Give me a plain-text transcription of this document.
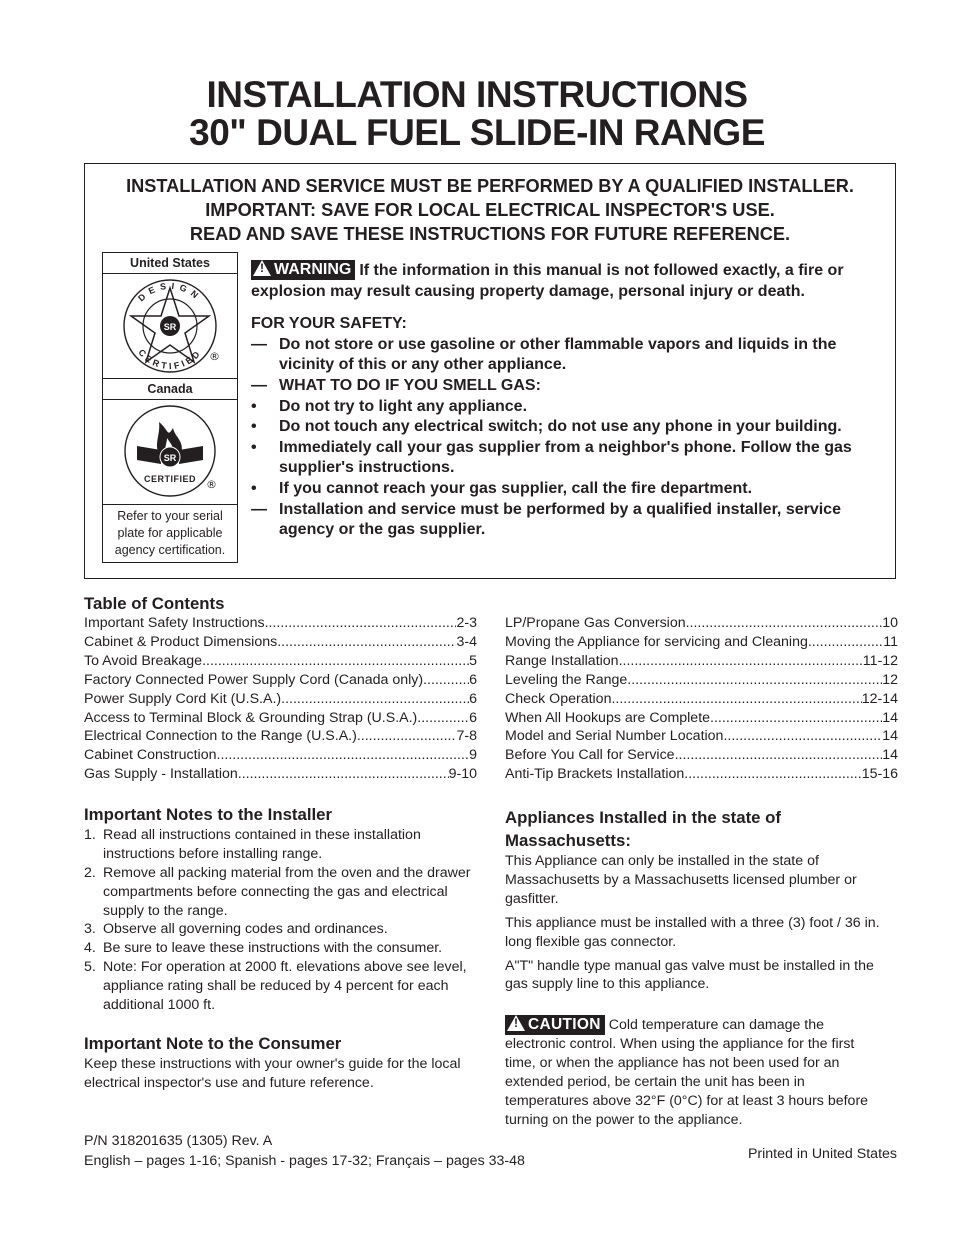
INSTALLATION INSTRUCTIONS
30" DUAL FUEL SLIDE-IN RANGE
INSTALLATION AND SERVICE MUST BE PERFORMED BY A QUALIFIED INSTALLER.
IMPORTANT: SAVE FOR LOCAL ELECTRICAL INSPECTOR'S USE.
READ AND SAVE THESE INSTRUCTIONS FOR FUTURE REFERENCE.
United States
SR
DESIGN
CERTIFIED ®
Canada
SR
CERTIFIED ®
Refer to your serial plate for applicable agency certification.
!WARNING If the information in this manual is not followed exactly, a fire or explosion may result causing property damage, personal injury or death.
FOR YOUR SAFETY:
— Do not store or use gasoline or other flammable vapors and liquids in the vicinity of this or any other appliance.
— WHAT TO DO IF YOU SMELL GAS:
•	Do not try to light any appliance.
•	Do not touch any electrical switch; do not use any phone in your building.
•	Immediately call your gas supplier from a neighbor's phone. Follow the gas supplier's instructions.
•	If you cannot reach your gas supplier, call the fire department.
— Installation and service must be performed by a qualified installer, service agency or the gas supplier.
Table of Contents
Important Safety Instructions .....	2-3
Cabinet & Product Dimensions .....	3-4
To Avoid Breakage .....	5
Factory Connected Power Supply Cord (Canada only) .....	6
Power Supply Cord Kit (U.S.A.) .....	6
Access to Terminal Block & Grounding Strap (U.S.A.) .....	6
Electrical Connection to the Range (U.S.A.) .....	7-8
Cabinet Construction .....	9
Gas Supply - Installation .....	9-10
LP/Propane Gas Conversion .....	10
Moving the Appliance for servicing and Cleaning .....	11
Range Installation .....	11-12
Leveling the Range .....	12
Check Operation .....	12-14
When All Hookups are Complete .....	14
Model and Serial Number Location .....	14
Before You Call for Service .....	14
Anti-Tip Brackets Installation .....	15-16
Important Notes to the Installer
1. Read all instructions contained in these installation instructions before installing range.
2. Remove all packing material from the oven and the drawer compartments before connecting the gas and electrical supply to the range.
3. Observe all governing codes and ordinances.
4. Be sure to leave these instructions with the consumer.
5. Note: For operation at 2000 ft. elevations above see level, appliance rating shall be reduced by 4 percent for each additional 1000 ft.
Important Note to the Consumer

Keep these instructions with your owner's guide for the local electrical inspector's use and future reference.

Appliances Installed in the state of Massachusetts:

This Appliance can only be installed in the state of Massachusetts by a Massachusetts licensed plumber or gasfitter.

This appliance must be installed with a three (3) foot / 36 in. long flexible gas connector.

A"T" handle type manual gas valve must be installed in the gas supply line to this appliance.

!CAUTION Cold temperature can damage the electronic control. When using the appliance for the first time, or when the appliance has not been used for an extended period, be certain the unit has been in temperatures above 32°F (0°C) for at least 3 hours before turning on the power to the appliance.
P/N 318201635 (1305) Rev. A
English – pages 1-16; Spanish - pages 17-32; Français – pages 33-48	Printed in United States
